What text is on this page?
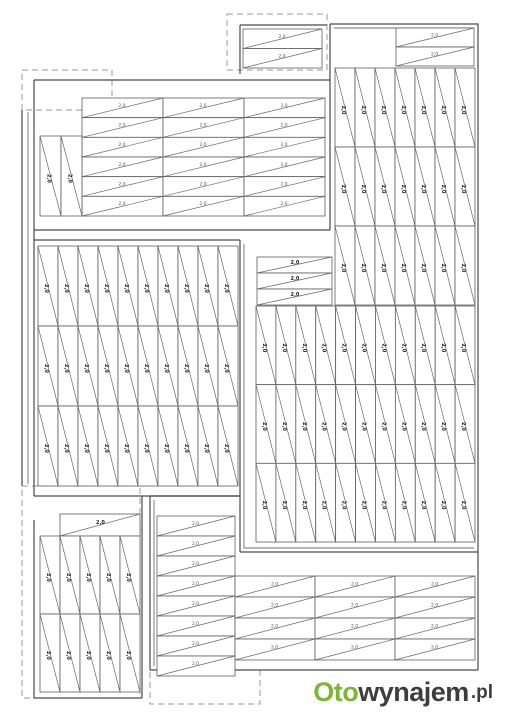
2,0
2,0
2,0
2,0
2,0	2,0	2,0	2,0	2,0	2,0	2,0
2,0	2,0	2,0	2,0	2,0	2,0	2,0
2,0	2,0	2,0	2,0	2,0	2,0	2,0
2,0	2,0	2,0
2,0	2,0	2,0
2,0	2,0	2,0
2,0	2,0	2,0
2,0	2,0	2,0
2,0	2,0	2,0
2,0	2,0
2,0	2,0	2,0	2,0	2,0	2,0	2,0	2,0	2,0	2,0
2,0	2,0	2,0	2,0	2,0	2,0	2,0	2,0	2,0	2,0
2,0	2,0	2,0	2,0	2,0	2,0	2,0	2,0	2,0	2,0
2,0
2,0
2,0
2,0	2,0	2,0	2,0	2,0	2,0	2,0	2,0	2,0	2,0	2,0
2,0	2,0	2,0	2,0	2,0	2,0	2,0	2,0	2,0	2,0	2,0
2,0	2,0	2,0	2,0	2,0	2,0	2,0	2,0	2,0	2,0	2,0
2,0
2,0	2,0	2,0	2,0	2,0
2,0	2,0	2,0	2,0	2,0
2,0
2,0
2,0
2,0
2,0
2,0
2,0
2,0
2,0	2,0	2,0
2,0	2,0	2,0
2,0	2,0	2,0
2,0	2,0	2,0
Oto wynajem .pl
